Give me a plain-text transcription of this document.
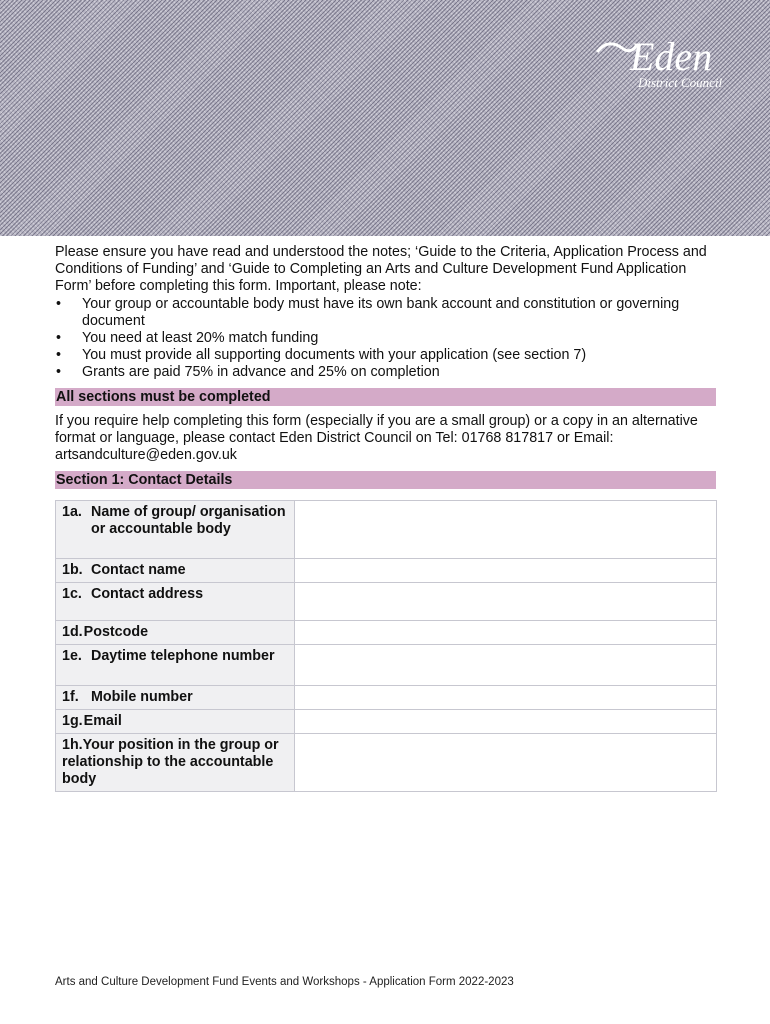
Eden
District Council

Please ensure you have read and understood the notes; ‘Guide to the Criteria, Application Process and Conditions of Funding’ and ‘Guide to Completing an Arts and Culture Development Fund Application Form’ before completing this form. Important, please note:

• Your group or accountable body must have its own bank account and constitution or governing document
• You need at least 20% match funding
• You must provide all supporting documents with your application (see section 7)
• Grants are paid 75% in advance and 25% on completion
All sections must be completed
If you require help completing this form (especially if you are a small group) or a copy in an alternative format or language, please contact Eden District Council on Tel: 01768 817817 or Email: artsandculture@eden.gov.uk
Section 1: Contact Details
1a. Name of group/ organisation or accountable body	

1b. Contact name	

1c. Contact address	

1d. Postcode	

1e. Daytime telephone number	

1f. Mobile number	

1g. Email	

1h.Your position in the group or relationship to the accountable body	
Arts and Culture Development Fund Events and Workshops - Application Form 2022-2023
